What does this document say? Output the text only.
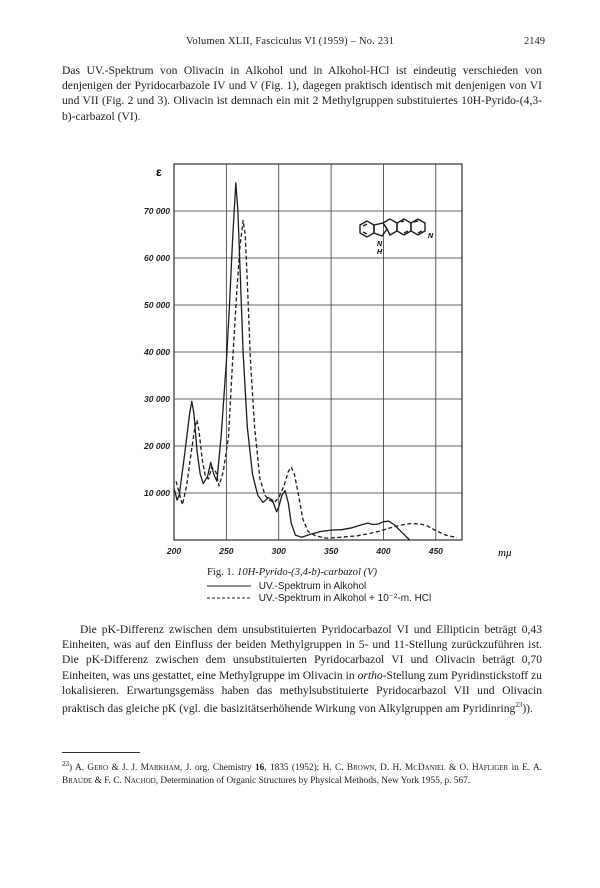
Volumen XLII, Fasciculus VI (1959) – No. 231	2149

Das UV.-Spektrum von Olivacin in Alkohol und in Alkohol-HCl ist eindeutig verschieden von denjenigen der Pyridocarbazole IV und V (Fig. 1), dagegen praktisch identisch mit denjenigen von VI und VII (Fig. 2 und 3). Olivacin ist demnach ein mit 2 Methylgruppen substituiertes 10H-Pyrido-(4,3-b)-carbazol (VI).

200	250	300	350	400	450
10 000
20 000
30 000
40 000
50 000
60 000
70 000
ε
mμ
N
N
H
Fig. 1. 10H-Pyrido-(3,4-b)-carbazol (V)
UV.-Spektrum in Alkohol
UV.-Spektrum in Alkohol + 10⁻²-m. HCl
Die pK-Differenz zwischen dem unsubstituierten Pyridocarbazol VI und Ellipticin beträgt 0,43 Einheiten, was auf den Einfluss der beiden Methylgruppen in 5- und 11-Stellung zurückzuführen ist. Die pK-Differenz zwischen dem unsubstituierten Pyridocarbazol VI und Olivacin beträgt 0,70 Einheiten, was uns gestattet, eine Methylgruppe im Olivacin in ortho-Stellung zum Pyridinstickstoff zu lokalisieren. Erwartungsgemäss haben das methylsubstituierte Pyridocarbazol VII und Olivacin praktisch das gleiche pK (vgl. die basizitätserhöhende Wirkung von Alkylgruppen am Pyridinring$^{23}$)).

$^{23}$) A. Gero & J. J. Markham, J. org. Chemistry 16, 1835 (1952); H. C. Brown, D. H. McDaniel & O. Häfliger in E. A. Braude & F. C. Nachod, Determination of Organic Structures by Physical Methods, New York 1955, p. 567.
